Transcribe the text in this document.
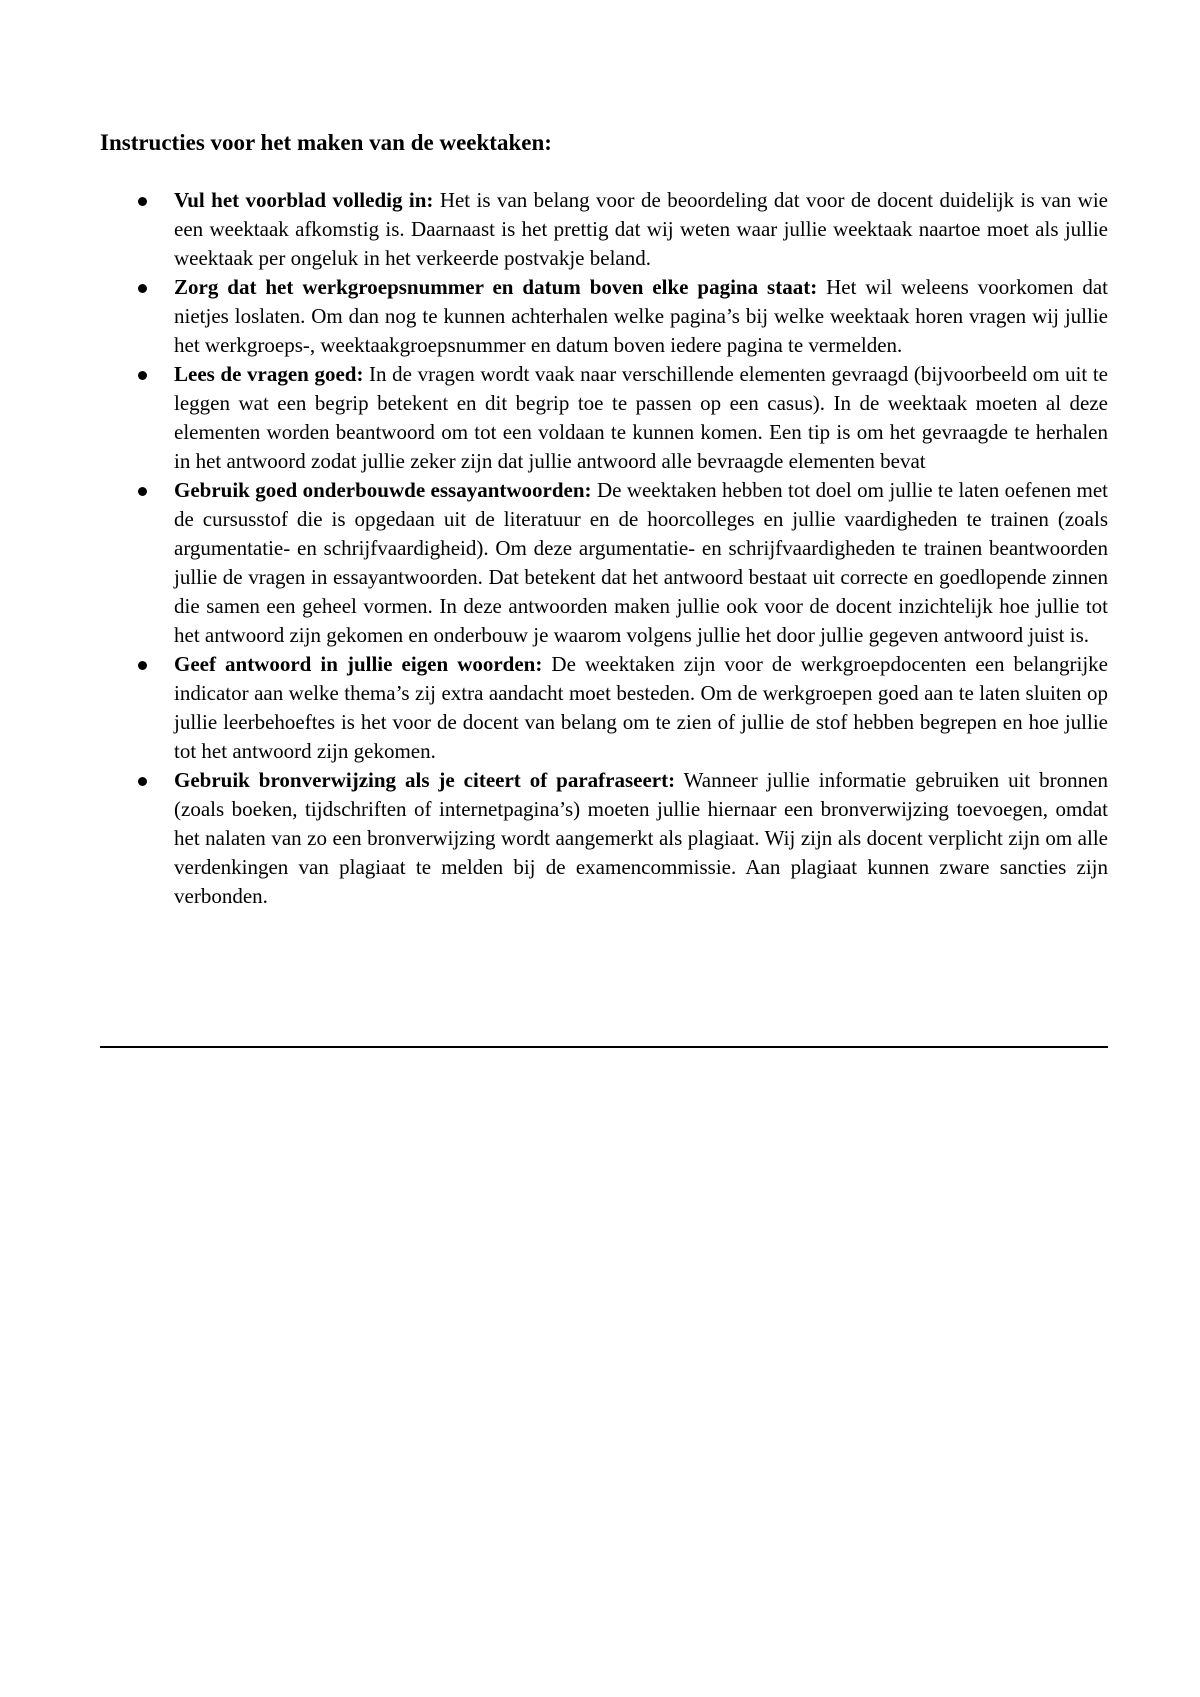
Instructies voor het maken van de weektaken:
Vul het voorblad volledig in: Het is van belang voor de beoordeling dat voor de docent duidelijk is van wie een weektaak afkomstig is. Daarnaast is het prettig dat wij weten waar jullie weektaak naartoe moet als jullie weektaak per ongeluk in het verkeerde postvakje beland.
Zorg dat het werkgroepsnummer en datum boven elke pagina staat: Het wil weleens voorkomen dat nietjes loslaten. Om dan nog te kunnen achterhalen welke pagina’s bij welke weektaak horen vragen wij jullie het werkgroeps-, weektaakgroepsnummer en datum boven iedere pagina te vermelden.
Lees de vragen goed: In de vragen wordt vaak naar verschillende elementen gevraagd (bijvoorbeeld om uit te leggen wat een begrip betekent en dit begrip toe te passen op een casus). In de weektaak moeten al deze elementen worden beantwoord om tot een voldaan te kunnen komen. Een tip is om het gevraagde te herhalen in het antwoord zodat jullie zeker zijn dat jullie antwoord alle bevraagde elementen bevat
Gebruik goed onderbouwde essayantwoorden: De weektaken hebben tot doel om jullie te laten oefenen met de cursusstof die is opgedaan uit de literatuur en de hoorcolleges en jullie vaardigheden te trainen (zoals argumentatie- en schrijfvaardigheid). Om deze argumentatie- en schrijfvaardigheden te trainen beantwoorden jullie de vragen in essayantwoorden. Dat betekent dat het antwoord bestaat uit correcte en goedlopende zinnen die samen een geheel vormen. In deze antwoorden maken jullie ook voor de docent inzichtelijk hoe jullie tot het antwoord zijn gekomen en onderbouw je waarom volgens jullie het door jullie gegeven antwoord juist is.
Geef antwoord in jullie eigen woorden: De weektaken zijn voor de werkgroepdocenten een belangrijke indicator aan welke thema’s zij extra aandacht moet besteden. Om de werkgroepen goed aan te laten sluiten op jullie leerbehoeftes is het voor de docent van belang om te zien of jullie de stof hebben begrepen en hoe jullie tot het antwoord zijn gekomen.
Gebruik bronverwijzing als je citeert of parafraseert: Wanneer jullie informatie gebruiken uit bronnen (zoals boeken, tijdschriften of internetpagina’s) moeten jullie hiernaar een bronverwijzing toevoegen, omdat het nalaten van zo een bronverwijzing wordt aangemerkt als plagiaat. Wij zijn als docent verplicht zijn om alle verdenkingen van plagiaat te melden bij de examencommissie. Aan plagiaat kunnen zware sancties zijn verbonden.
